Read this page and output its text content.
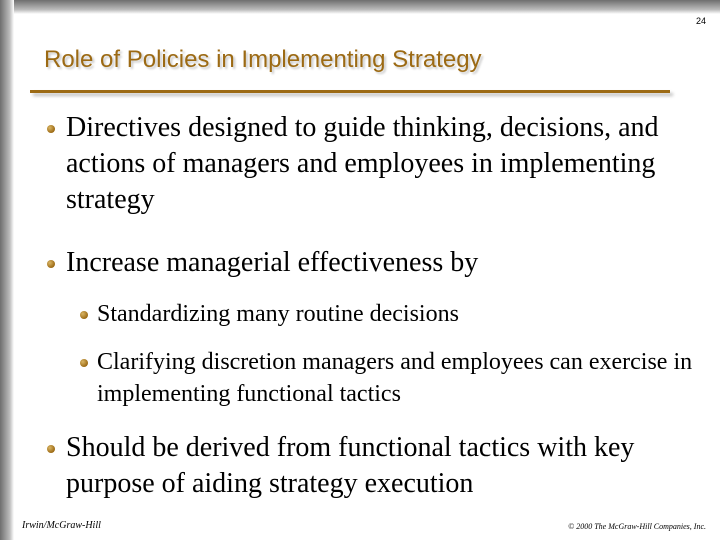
24
Role of Policies in Implementing Strategy
Directives designed to guide thinking, decisions, and actions of managers and employees in implementing strategy
Increase managerial effectiveness by
Standardizing many routine decisions
Clarifying discretion managers and employees can exercise in implementing functional tactics
Should be derived from functional tactics with key purpose of aiding strategy execution
Irwin/McGraw-Hill	© 2000 The McGraw-Hill Companies, Inc.
